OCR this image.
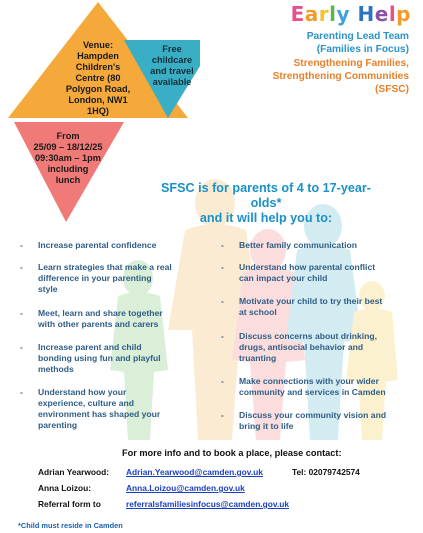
Venue:
Hampden
Children's
Centre (80
Polygon Road,
London, NW1
1HQ)
Free
childcare
and travel
available
From
25/09 – 18/12/25
09:30am – 1pm
including
lunch
Early Help
Parenting Lead Team
(Families in Focus)
Strengthening Families,
Strengthening Communities
(SFSC)
SFSC is for parents of 4 to 17-year-olds*
and it will help you to:
- Increase parental confidence
- Learn strategies that make a real
difference in your parenting
style
- Meet, learn and share together
with other parents and carers
- Increase parent and child
bonding using fun and playful
methods
- Understand how your
experience, culture and
environment has shaped your
parenting
- Better family communication
- Understand how parental conflict
can impact your child
- Motivate your child to try their best
at school
- Discuss concerns about drinking,
drugs, antisocial behavior and
truanting
- Make connections with your wider
community and services in Camden
- Discuss your community vision and
bring it to life
For more info and to book a place, please contact:
Adrian Yearwood: Adrian.Yearwood@camden.gov.uk	Tel: 02079742574
Anna Loizou:	Anna.Loizou@camden.gov.uk
Referral form to	referralsfamiliesinfocus@camden.gov.uk
*Child must reside in Camden
